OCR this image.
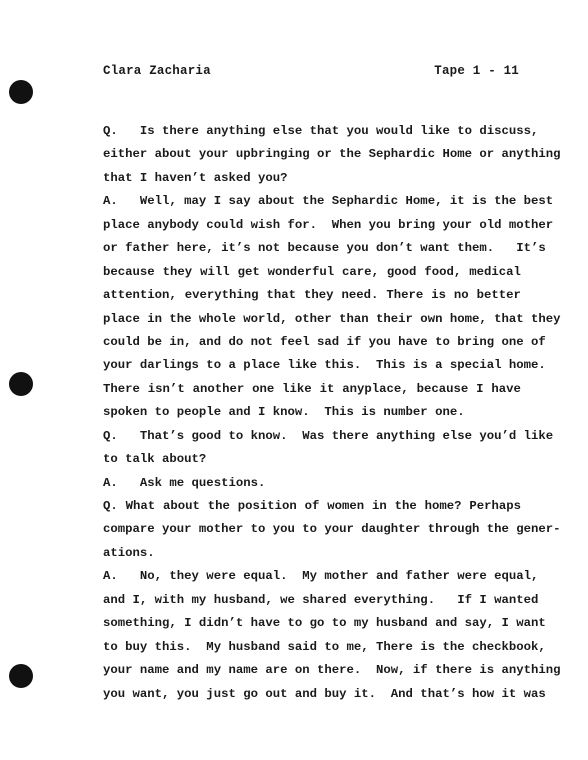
Clara Zacharia	Tape 1 - 11
Q.   Is there anything else that you would like to discuss,
either about your upbringing or the Sephardic Home or anything
that I haven’t asked you?
A.   Well, may I say about the Sephardic Home, it is the best
place anybody could wish for.  When you bring your old mother
or father here, it’s not because you don’t want them.   It’s
because they will get wonderful care, good food, medical
attention, everything that they need. There is no better
place in the whole world, other than their own home, that they
could be in, and do not feel sad if you have to bring one of
your darlings to a place like this.  This is a special home.
There isn’t another one like it anyplace, because I have
spoken to people and I know.  This is number one.
Q.   That’s good to know.  Was there anything else you’d like
to talk about?
A.   Ask me questions.
Q. What about the position of women in the home? Perhaps
compare your mother to you to your daughter through the gener-
ations.
A.   No, they were equal.  My mother and father were equal,
and I, with my husband, we shared everything.   If I wanted
something, I didn’t have to go to my husband and say, I want
to buy this.  My husband said to me, There is the checkbook,
your name and my name are on there.  Now, if there is anything
you want, you just go out and buy it.  And that’s how it was
